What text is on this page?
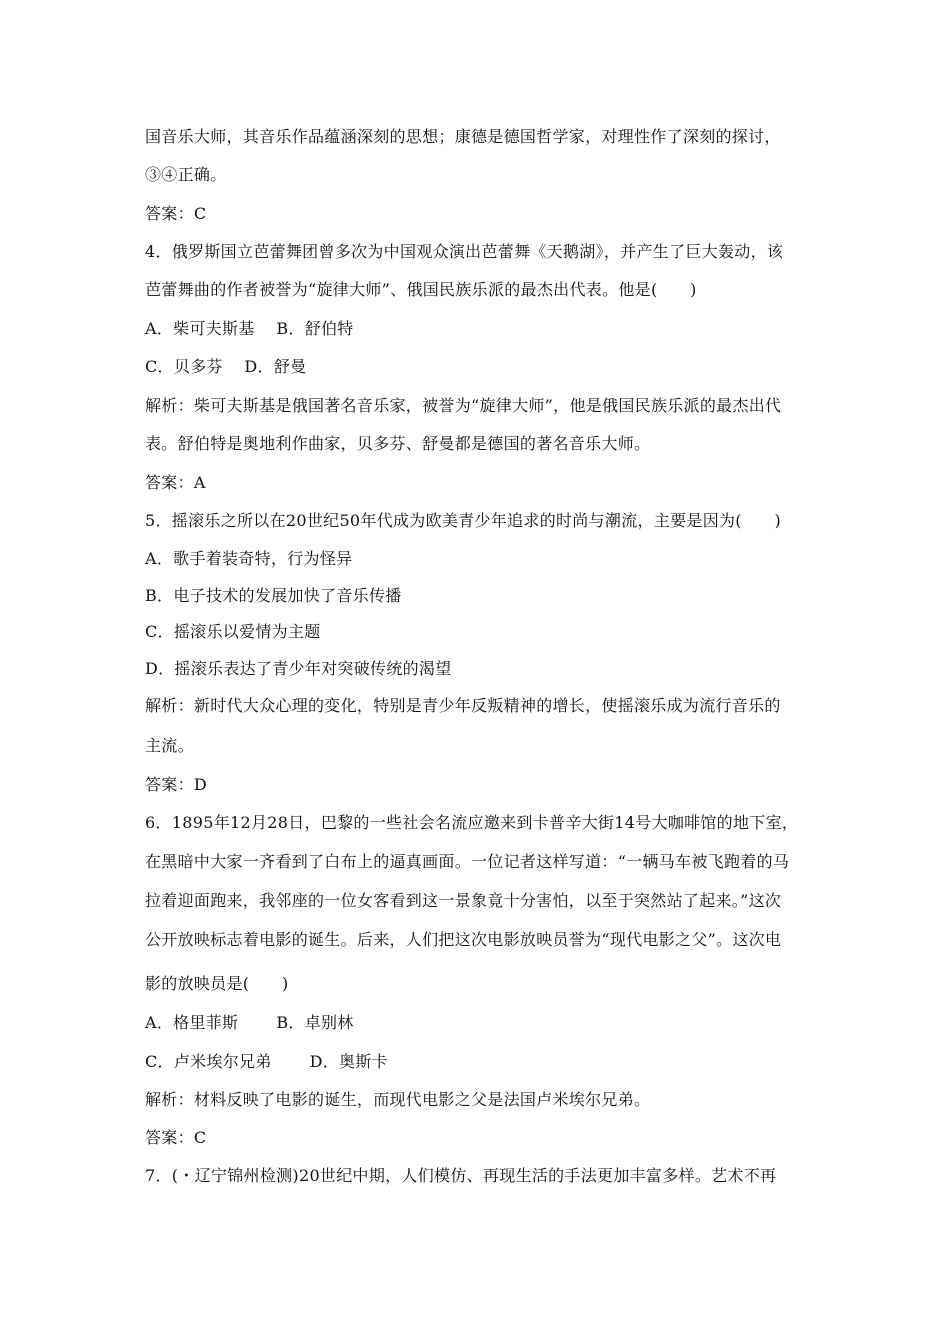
国音乐大师，其音乐作品蕴涵深刻的思想；康德是德国哲学家，对理性作了深刻的探讨，
③④正确。
答案：C
4．俄罗斯国立芭蕾舞团曾多次为中国观众演出芭蕾舞《天鹅湖》，并产生了巨大轰动，该
芭蕾舞曲的作者被誉为“旋律大师”、俄国民族乐派的最杰出代表。他是(　　)
A．柴可夫斯基　 B．舒伯特
C．贝多芬　 D．舒曼
解析：柴可夫斯基是俄国著名音乐家，被誉为“旋律大师”，他是俄国民族乐派的最杰出代
表。舒伯特是奥地利作曲家，贝多芬、舒曼都是德国的著名音乐大师。
答案：A
5．摇滚乐之所以在20世纪50年代成为欧美青少年追求的时尚与潮流，主要是因为(　　)
A．歌手着装奇特，行为怪异
B．电子技术的发展加快了音乐传播
C．摇滚乐以爱情为主题
D．摇滚乐表达了青少年对突破传统的渴望
解析：新时代大众心理的变化，特别是青少年反叛精神的增长，使摇滚乐成为流行音乐的
主流。
答案：D
6．1895年12月28日，巴黎的一些社会名流应邀来到卡普辛大街14号大咖啡馆的地下室，
在黑暗中大家一齐看到了白布上的逼真画面。一位记者这样写道：“一辆马车被飞跑着的马
拉着迎面跑来，我邻座的一位女客看到这一景象竟十分害怕，以至于突然站了起来。”这次
公开放映标志着电影的诞生。后来，人们把这次电影放映员誉为“现代电影之父”。这次电
影的放映员是(　　)
A．格里菲斯　　 B．卓别林
C．卢米埃尔兄弟　　 D．奥斯卡
解析：材料反映了电影的诞生，而现代电影之父是法国卢米埃尔兄弟。
答案：C
7．(・辽宁锦州检测)20世纪中期，人们模仿、再现生活的手法更加丰富多样。艺术不再
